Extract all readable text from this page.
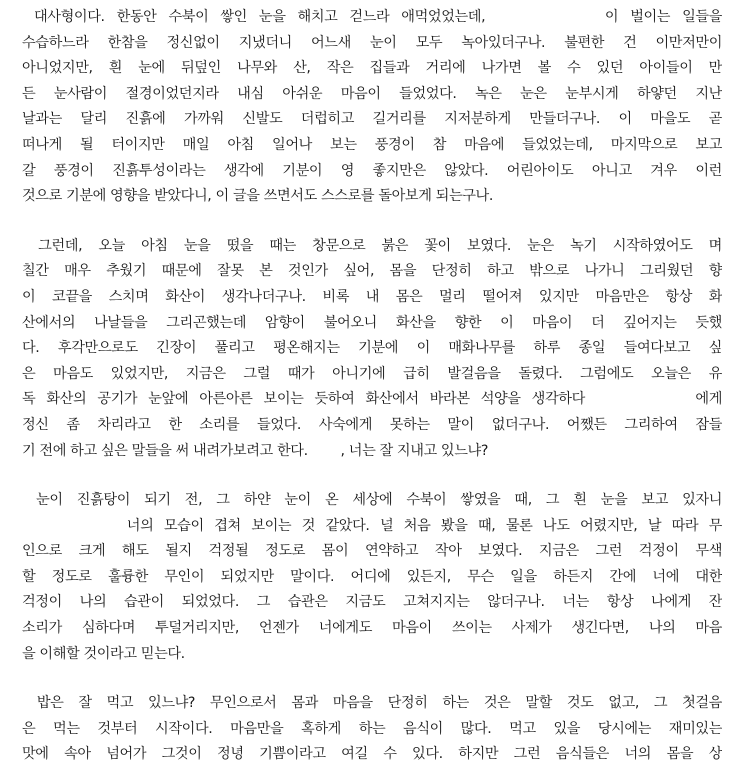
대사형이다. 한동안 수북이 쌓인 눈을 해치고 걷느라 애먹었었는데,          이 벌이는 일들을
수습하느라 한참을 정신없이 지냈더니 어느새 눈이 모두 녹아있더구나. 불편한 건 이만저만이
아니었지만, 흰 눈에 뒤덮인 나무와 산, 작은 집들과 거리에 나가면 볼 수 있던 아이들이 만
든 눈사람이 절경이었던지라 내심 아쉬운 마음이 들었었다. 녹은 눈은 눈부시게 하얗던 지난
날과는 달리 진흙에 가까워 신발도 더럽히고 길거리를 지저분하게 만들더구나. 이 마을도 곧
떠나게 될 터이지만 매일 아침 일어나 보는 풍경이 참 마음에 들었었는데, 마지막으로 보고
갈 풍경이 진흙투성이라는 생각에 기분이 영 좋지만은 않았다. 어린아이도 아니고 겨우 이런
것으로 기분에 영향을 받았다니, 이 글을 쓰면서도 스스로를 돌아보게 되는구나.
그런데, 오늘 아침 눈을 떴을 때는 창문으로 붉은 꽃이 보였다. 눈은 녹기 시작하였어도 며
칠간 매우 추웠기 때문에 잘못 본 것인가 싶어, 몸을 단정히 하고 밖으로 나가니 그리웠던 향
이 코끝을 스치며 화산이 생각나더구나. 비록 내 몸은 멀리 떨어져 있지만 마음만은 항상 화
산에서의 나날들을 그리곤했는데 암향이 불어오니 화산을 향한 이 마음이 더 깊어지는 듯했
다. 후각만으로도 긴장이 풀리고 평온해지는 기분에 이 매화나무를 하루 종일 들여다보고 싶
은 마음도 있었지만, 지금은 그럴 때가 아니기에 급히 발걸음을 돌렸다. 그럼에도 오늘은 유
독 화산의 공기가 눈앞에 아른아른 보이는 듯하여 화산에서 바라본 석양을 생각하다          에게
정신 좀 차리라고 한 소리를 들었다. 사숙에게 못하는 말이 없더구나. 어쨌든 그리하여 잠들
기 전에 하고 싶은 말들을 써 내려가보려고 한다.        , 너는 잘 지내고 있느냐?
눈이 진흙탕이 되기 전, 그 하얀 눈이 온 세상에 수북이 쌓였을 때, 그 흰 눈을 보고 있자니
너의 모습이 겹쳐 보이는 것 같았다. 널 처음 봤을 때, 물론 나도 어렸지만, 날 따라 무
인으로 크게 해도 될지 걱정될 정도로 몸이 연약하고 작아 보였다. 지금은 그런 걱정이 무색
할 정도로 훌륭한 무인이 되었지만 말이다. 어디에 있든지, 무슨 일을 하든지 간에 너에 대한
걱정이 나의 습관이 되었었다. 그 습관은 지금도 고쳐지지는 않더구나. 너는 항상 나에게 잔
소리가 심하다며 투덜거리지만, 언젠가 너에게도 마음이 쓰이는 사제가 생긴다면, 나의 마음
을 이해할 것이라고 믿는다.
밥은 잘 먹고 있느냐? 무인으로서 몸과 마음을 단정히 하는 것은 말할 것도 없고, 그 첫걸음
은 먹는 것부터 시작이다. 마음만을 혹하게 하는 음식이 많다. 먹고 있을 당시에는 재미있는
맛에 속아 넘어가 그것이 정녕 기쁨이라고 여길 수 있다. 하지만 그런 음식들은 너의 몸을 상
